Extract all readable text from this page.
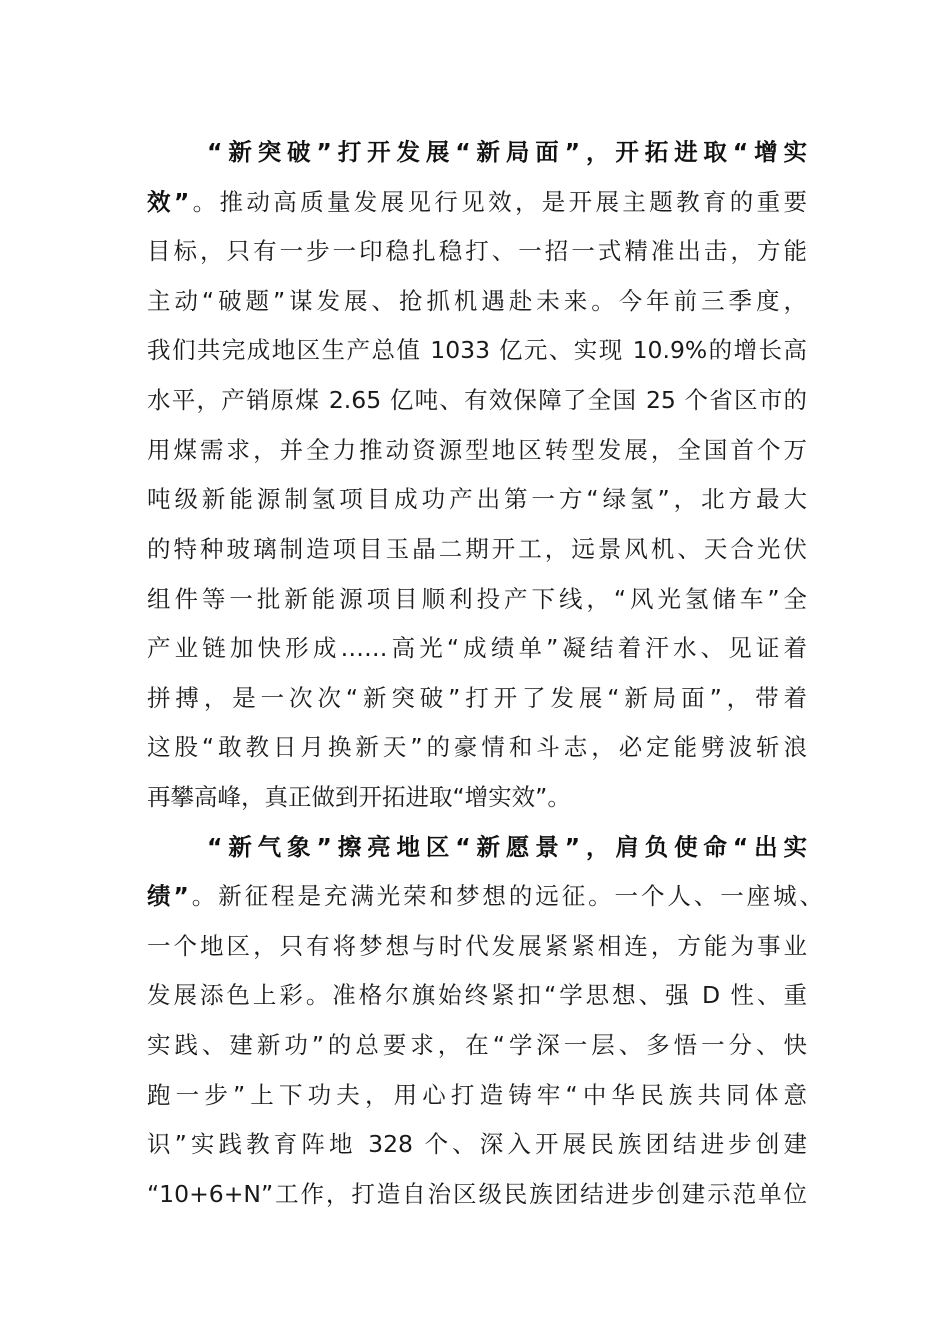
“新突破”打开发展“新局面”，开拓进取“增实
效”。推动高质量发展见行见效，是开展主题教育的重要
目标，只有一步一印稳扎稳打、一招一式精准出击，方能
主动“破题”谋发展、抢抓机遇赴未来。今年前三季度，
我们共完成地区生产总值 1033 亿元、实现 10.9%的增长高
水平，产销原煤 2.65 亿吨、有效保障了全国 25 个省区市的
用煤需求，并全力推动资源型地区转型发展，全国首个万
吨级新能源制氢项目成功产出第一方“绿氢”，北方最大
的特种玻璃制造项目玉晶二期开工，远景风机、天合光伏
组件等一批新能源项目顺利投产下线，“风光氢储车”全
产业链加快形成……高光“成绩单”凝结着汗水、见证着
拼搏，是一次次“新突破”打开了发展“新局面”，带着
这股“敢教日月换新天”的豪情和斗志，必定能劈波斩浪
再攀高峰，真正做到开拓进取“增实效”。
“新气象”擦亮地区“新愿景”，肩负使命“出实
绩”。新征程是充满光荣和梦想的远征。一个人、一座城、
一个地区，只有将梦想与时代发展紧紧相连，方能为事业
发展添色上彩。准格尔旗始终紧扣“学思想、强 D 性、重
实践、建新功”的总要求，在“学深一层、多悟一分、快
跑一步”上下功夫，用心打造铸牢“中华民族共同体意
识”实践教育阵地 328 个、深入开展民族团结进步创建
“10+6+N”工作，打造自治区级民族团结进步创建示范单位
